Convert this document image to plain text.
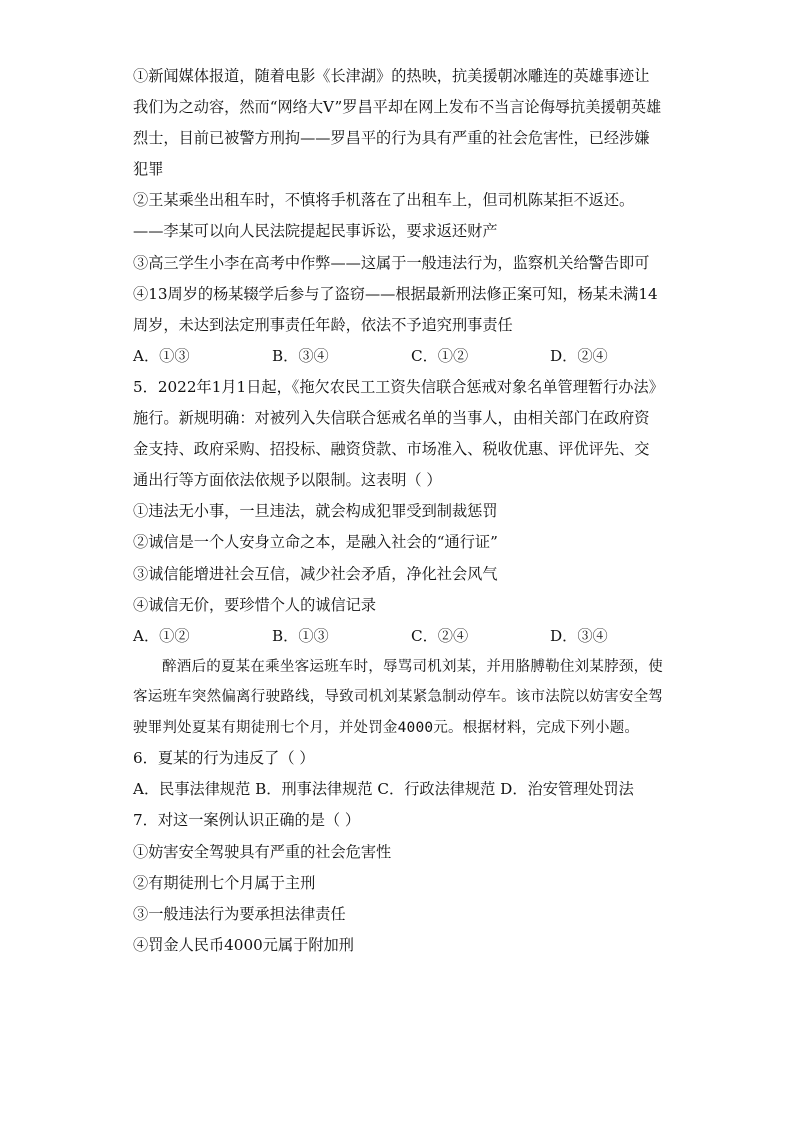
①新闻媒体报道，随着电影《长津湖》的热映，抗美援朝冰雕连的英雄事迹让我们为之动容，然而“网络大V”罗昌平却在网上发布不当言论侮辱抗美援朝英雄烈士，目前已被警方刑拘——罗昌平的行为具有严重的社会危害性，已经涉嫌犯罪
②王某乘坐出租车时，不慎将手机落在了出租车上，但司机陈某拒不返还。——李某可以向人民法院提起民事诉讼，要求返还财产
③高三学生小李在高考中作弊——这属于一般违法行为，监察机关给警告即可
④13周岁的杨某辍学后参与了盗窃——根据最新刑法修正案可知，杨某未满14周岁，未达到法定刑事责任年龄，依法不予追究刑事责任
A．①③	B．③④	C．①②	D．②④
5．2022年1月1日起，《拖欠农民工工资失信联合惩戒对象名单管理暂行办法》施行。新规明确：对被列入失信联合惩戒名单的当事人，由相关部门在政府资金支持、政府采购、招投标、融资贷款、市场准入、税收优惠、评优评先、交通出行等方面依法依规予以限制。这表明（ ）
①违法无小事，一旦违法，就会构成犯罪受到制裁惩罚
②诚信是一个人安身立命之本，是融入社会的“通行证”
③诚信能增进社会互信，减少社会矛盾，净化社会风气
④诚信无价，要珍惜个人的诚信记录
A．①②	B．①③	C．②④	D．③④
醉酒后的夏某在乘坐客运班车时，辱骂司机刘某，并用胳膊勒住刘某脖颈，使客运班车突然偏离行驶路线，导致司机刘某紧急制动停车。该市法院以妨害安全驾驶罪判处夏某有期徒刑七个月，并处罚金4000元。根据材料，完成下列小题。
6．夏某的行为违反了（ ）
A．民事法律规范 B．刑事法律规范 C．行政法律规范 D．治安管理处罚法
7．对这一案例认识正确的是（ ）
①妨害安全驾驶具有严重的社会危害性
②有期徒刑七个月属于主刑
③一般违法行为要承担法律责任
④罚金人民币4000元属于附加刑
